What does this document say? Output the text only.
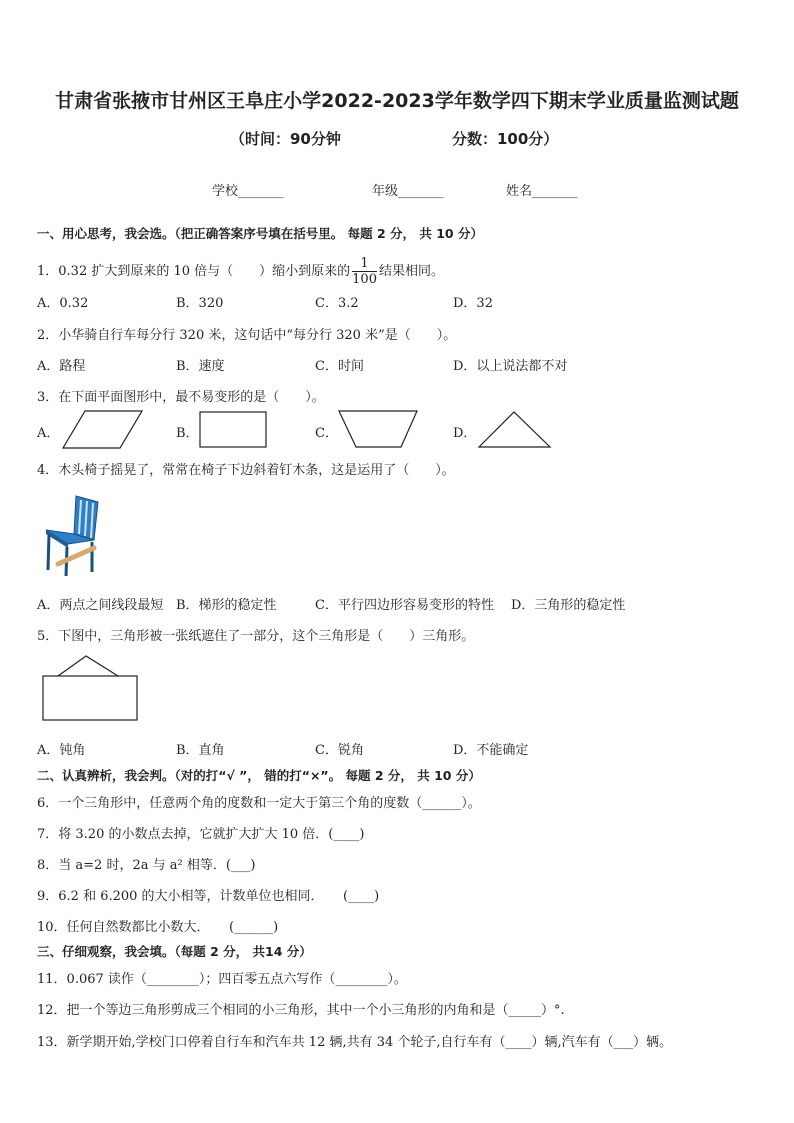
甘肃省张掖市甘州区王阜庄小学2022-2023学年数学四下期末学业质量监测试题
（时间：90分钟	分数：100分）
学校_______	年级_______	姓名_______
一、用心思考，我会选。（把正确答案序号填在括号里。 每题 2 分， 共 10 分）
1．0.32 扩大到原来的 10 倍与（　　）缩小到原来的 $\frac{1}{100}$ 结果相同。
A．0.32	B．320	C．3.2	D．32
2．小华骑自行车每分行 320 米，这句话中“每分行 320 米”是（　　）。
A．路程	B．速度	C．时间	D．以上说法都不对
3．在下面平面图形中，最不易变形的是（　　）。
A．	B．	C．	D．
4．木头椅子摇晃了，常常在椅子下边斜着钉木条，这是运用了（　　）。
A．两点之间线段最短 B．梯形的稳定性	C．平行四边形容易变形的特性 D．三角形的稳定性
5．下图中，三角形被一张纸遮住了一部分，这个三角形是（　　）三角形。
A．钝角	B．直角	C．锐角	D．不能确定
二、认真辨析，我会判。（对的打“√ ”， 错的打“×”。 每题 2 分， 共 10 分）
6．一个三角形中，任意两个角的度数和一定大于第三个角的度数（______）。
7．将 3.20 的小数点去掉，它就扩大扩大 10 倍．(____)
8．当 a=2 时，2a 与 a² 相等．(___)
9．6.2 和 6.200 的大小相等，计数单位也相同．　　(____)
10．任何自然数都比小数大．　　(______)
三、仔细观察，我会填。（每题 2 分， 共14 分）
11．0.067 读作（________）；四百零五点六写作（________）。
12．把一个等边三角形剪成三个相同的小三角形，其中一个小三角形的内角和是（_____）°.
13．新学期开始,学校门口停着自行车和汽车共 12 辆,共有 34 个轮子,自行车有（____）辆,汽车有（___）辆。
